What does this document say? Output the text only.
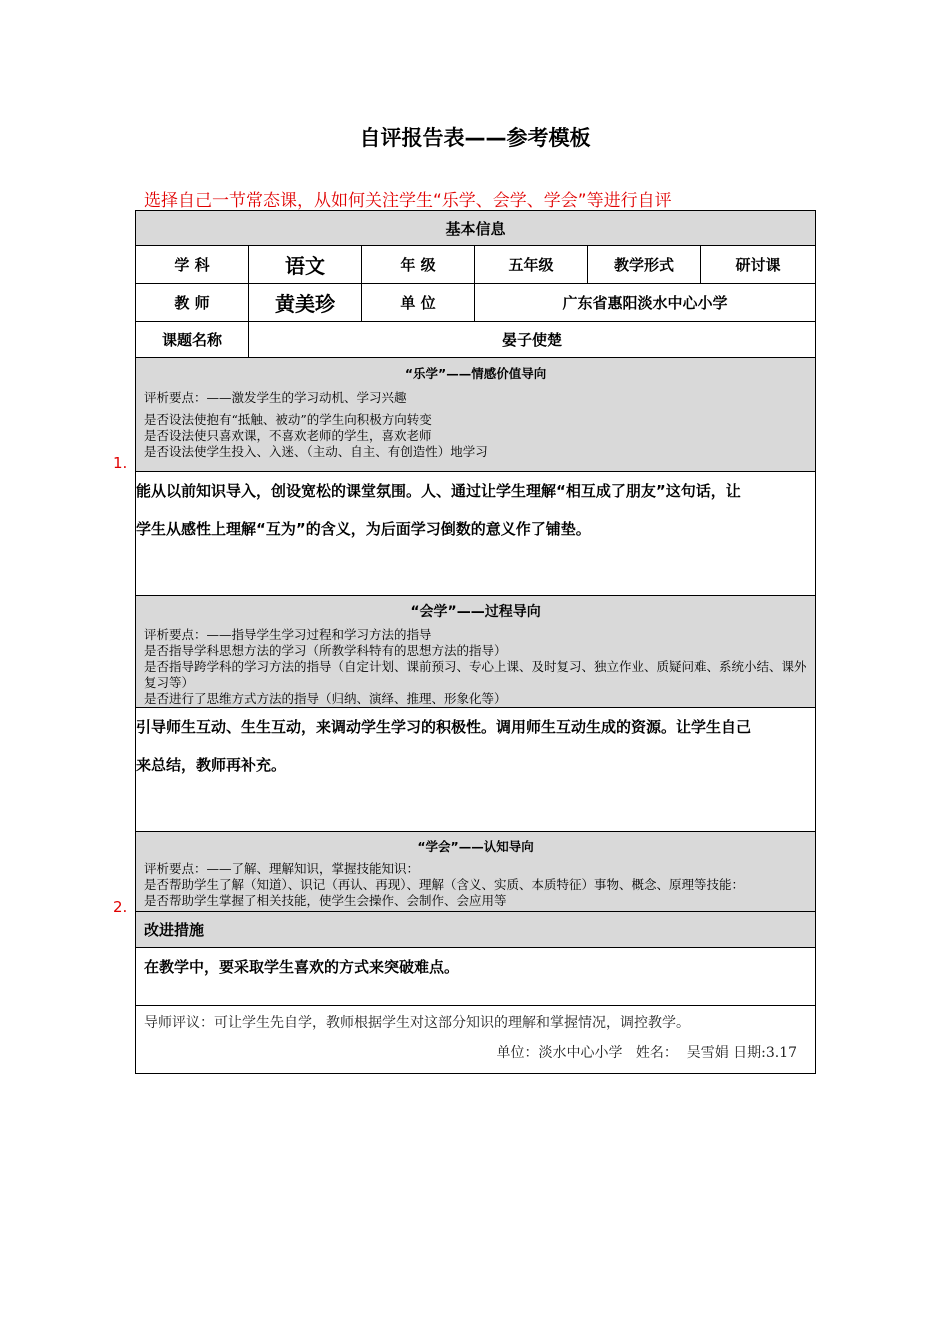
自评报告表——参考模板
选择自己一节常态课，从如何关注学生“乐学、会学、学会”等进行自评
1.
2.
基本信息					
学 科	语文	年 级	五年级	教学形式	研讨课
教 师	黄美珍	单 位	广东省惠阳淡水中心小学		
课题名称	晏子使楚				

“乐学”——情感价值导向
评析要点：——激发学生的学习动机、学习兴趣
是否设法使抱有“抵触、被动”的学生向积极方向转变
是否设法使只喜欢课，不喜欢老师的学生，喜欢老师
是否设法使学生投入、入迷、（主动、自主、有创造性）地学习					

能从以前知识导入，创设宽松的课堂氛围。人、通过让学生理解“相互成了朋友”这句话，让
学生从感性上理解“互为”的含义，为后面学习倒数的意义作了铺垫。					

“会学”——过程导向
评析要点：——指导学生学习过程和学习方法的指导
是否指导学科思想方法的学习（所教学科特有的思想方法的指导）
是否指导跨学科的学习方法的指导（自定计划、课前预习、专心上课、及时复习、独立作业、质疑问难、系统小结、课外复习等）
是否进行了思维方式方法的指导（归纳、演绎、推理、形象化等）					

引导师生互动、生生互动，来调动学生学习的积极性。调用师生互动生成的资源。让学生自己
来总结，教师再补充。					

“学会”——认知导向
评析要点：——了解、理解知识，掌握技能知识：
是否帮助学生了解（知道）、识记（再认、再现）、理解（含义、实质、本质特征）事物、概念、原理等技能：
是否帮助学生掌握了相关技能，使学生会操作、会制作、会应用等					

改进措施					
在教学中，要采取学生喜欢的方式来突破难点。					

导师评议：可让学生先自学，教师根据学生对这部分知识的理解和掌握情况，调控教学。
单位：淡水中心小学   姓名：  吴雪娟 日期:3.17					
